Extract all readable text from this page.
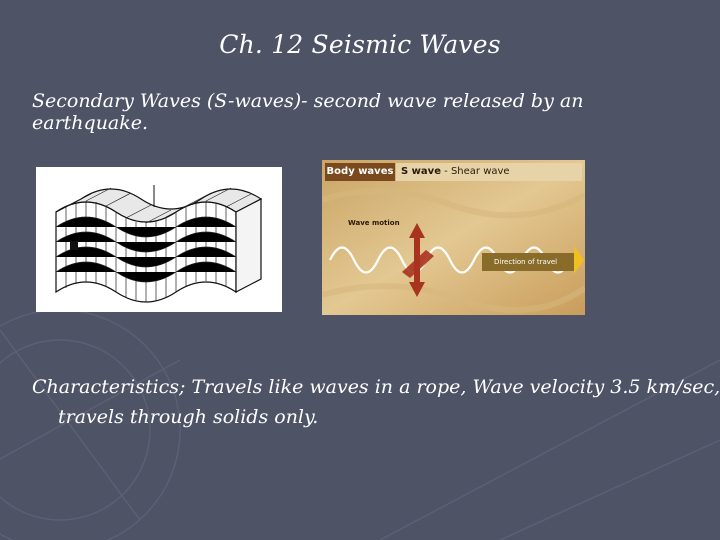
Ch. 12 Seismic Waves
Secondary Waves (S-waves)- second wave released by an earthquake.
Body waves S wave - Shear wave
Wave motion
Direction of travel
Characteristics; Travels like waves in a rope, Wave velocity 3.5 km/sec, travels through solids only.
